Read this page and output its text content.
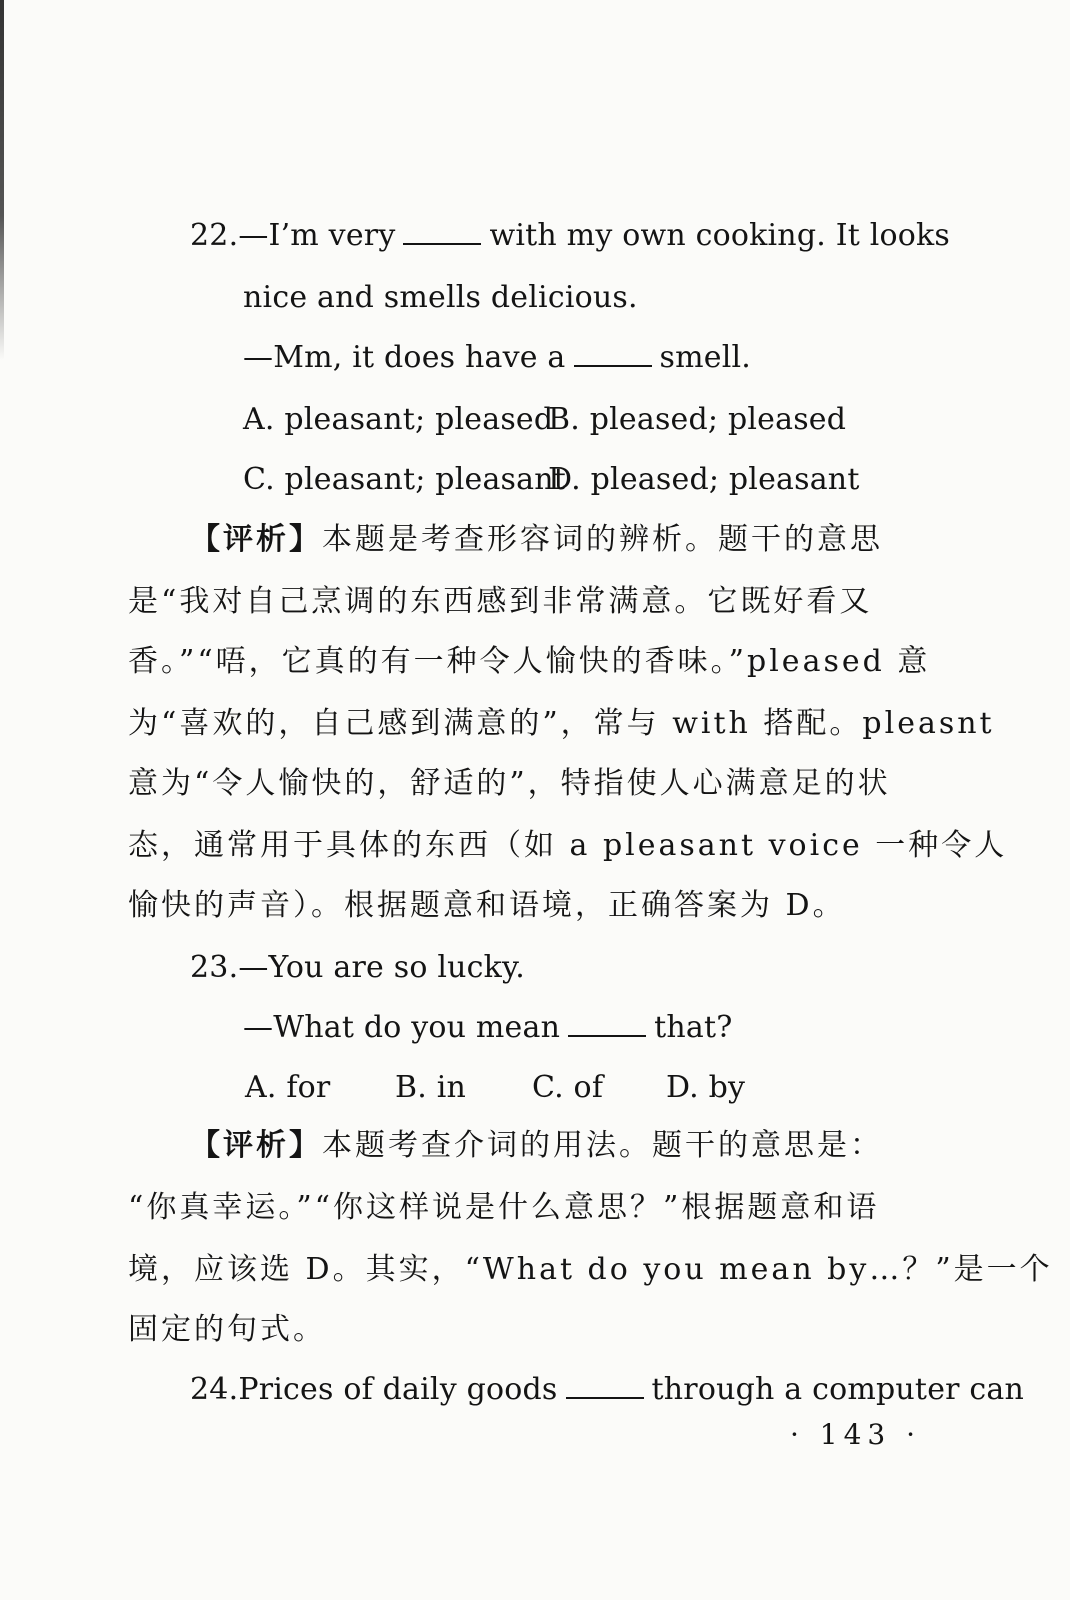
22.—I’m very	with my own cooking. It looks
nice and smells delicious.
—Mm, it does have a	smell.
A. pleasant; pleasedB. pleased; pleased
C. pleasant; pleasantD. pleased; pleasant
【评析】本题是考查形容词的辨析。题干的意思
是“我对自己烹调的东西感到非常满意。它既好看又
香。”“唔，它真的有一种令人愉快的香味。”pleased 意
为“喜欢的，自己感到满意的”，常与 with 搭配。pleasnt
意为“令人愉快的，舒适的”，特指使人心满意足的状
态，通常用于具体的东西（如 a pleasant voice 一种令人
愉快的声音）。根据题意和语境，正确答案为 D。
23.—You are so lucky.
—What do you mean	that?
A. for B. in C. of D. by
【评析】本题考查介词的用法。题干的意思是：
“你真幸运。”“你这样说是什么意思？”根据题意和语
境，应该选 D。其实，“What do you mean by…？”是一个
固定的句式。
24.Prices of daily goods	through a computer can
· 143 ·
